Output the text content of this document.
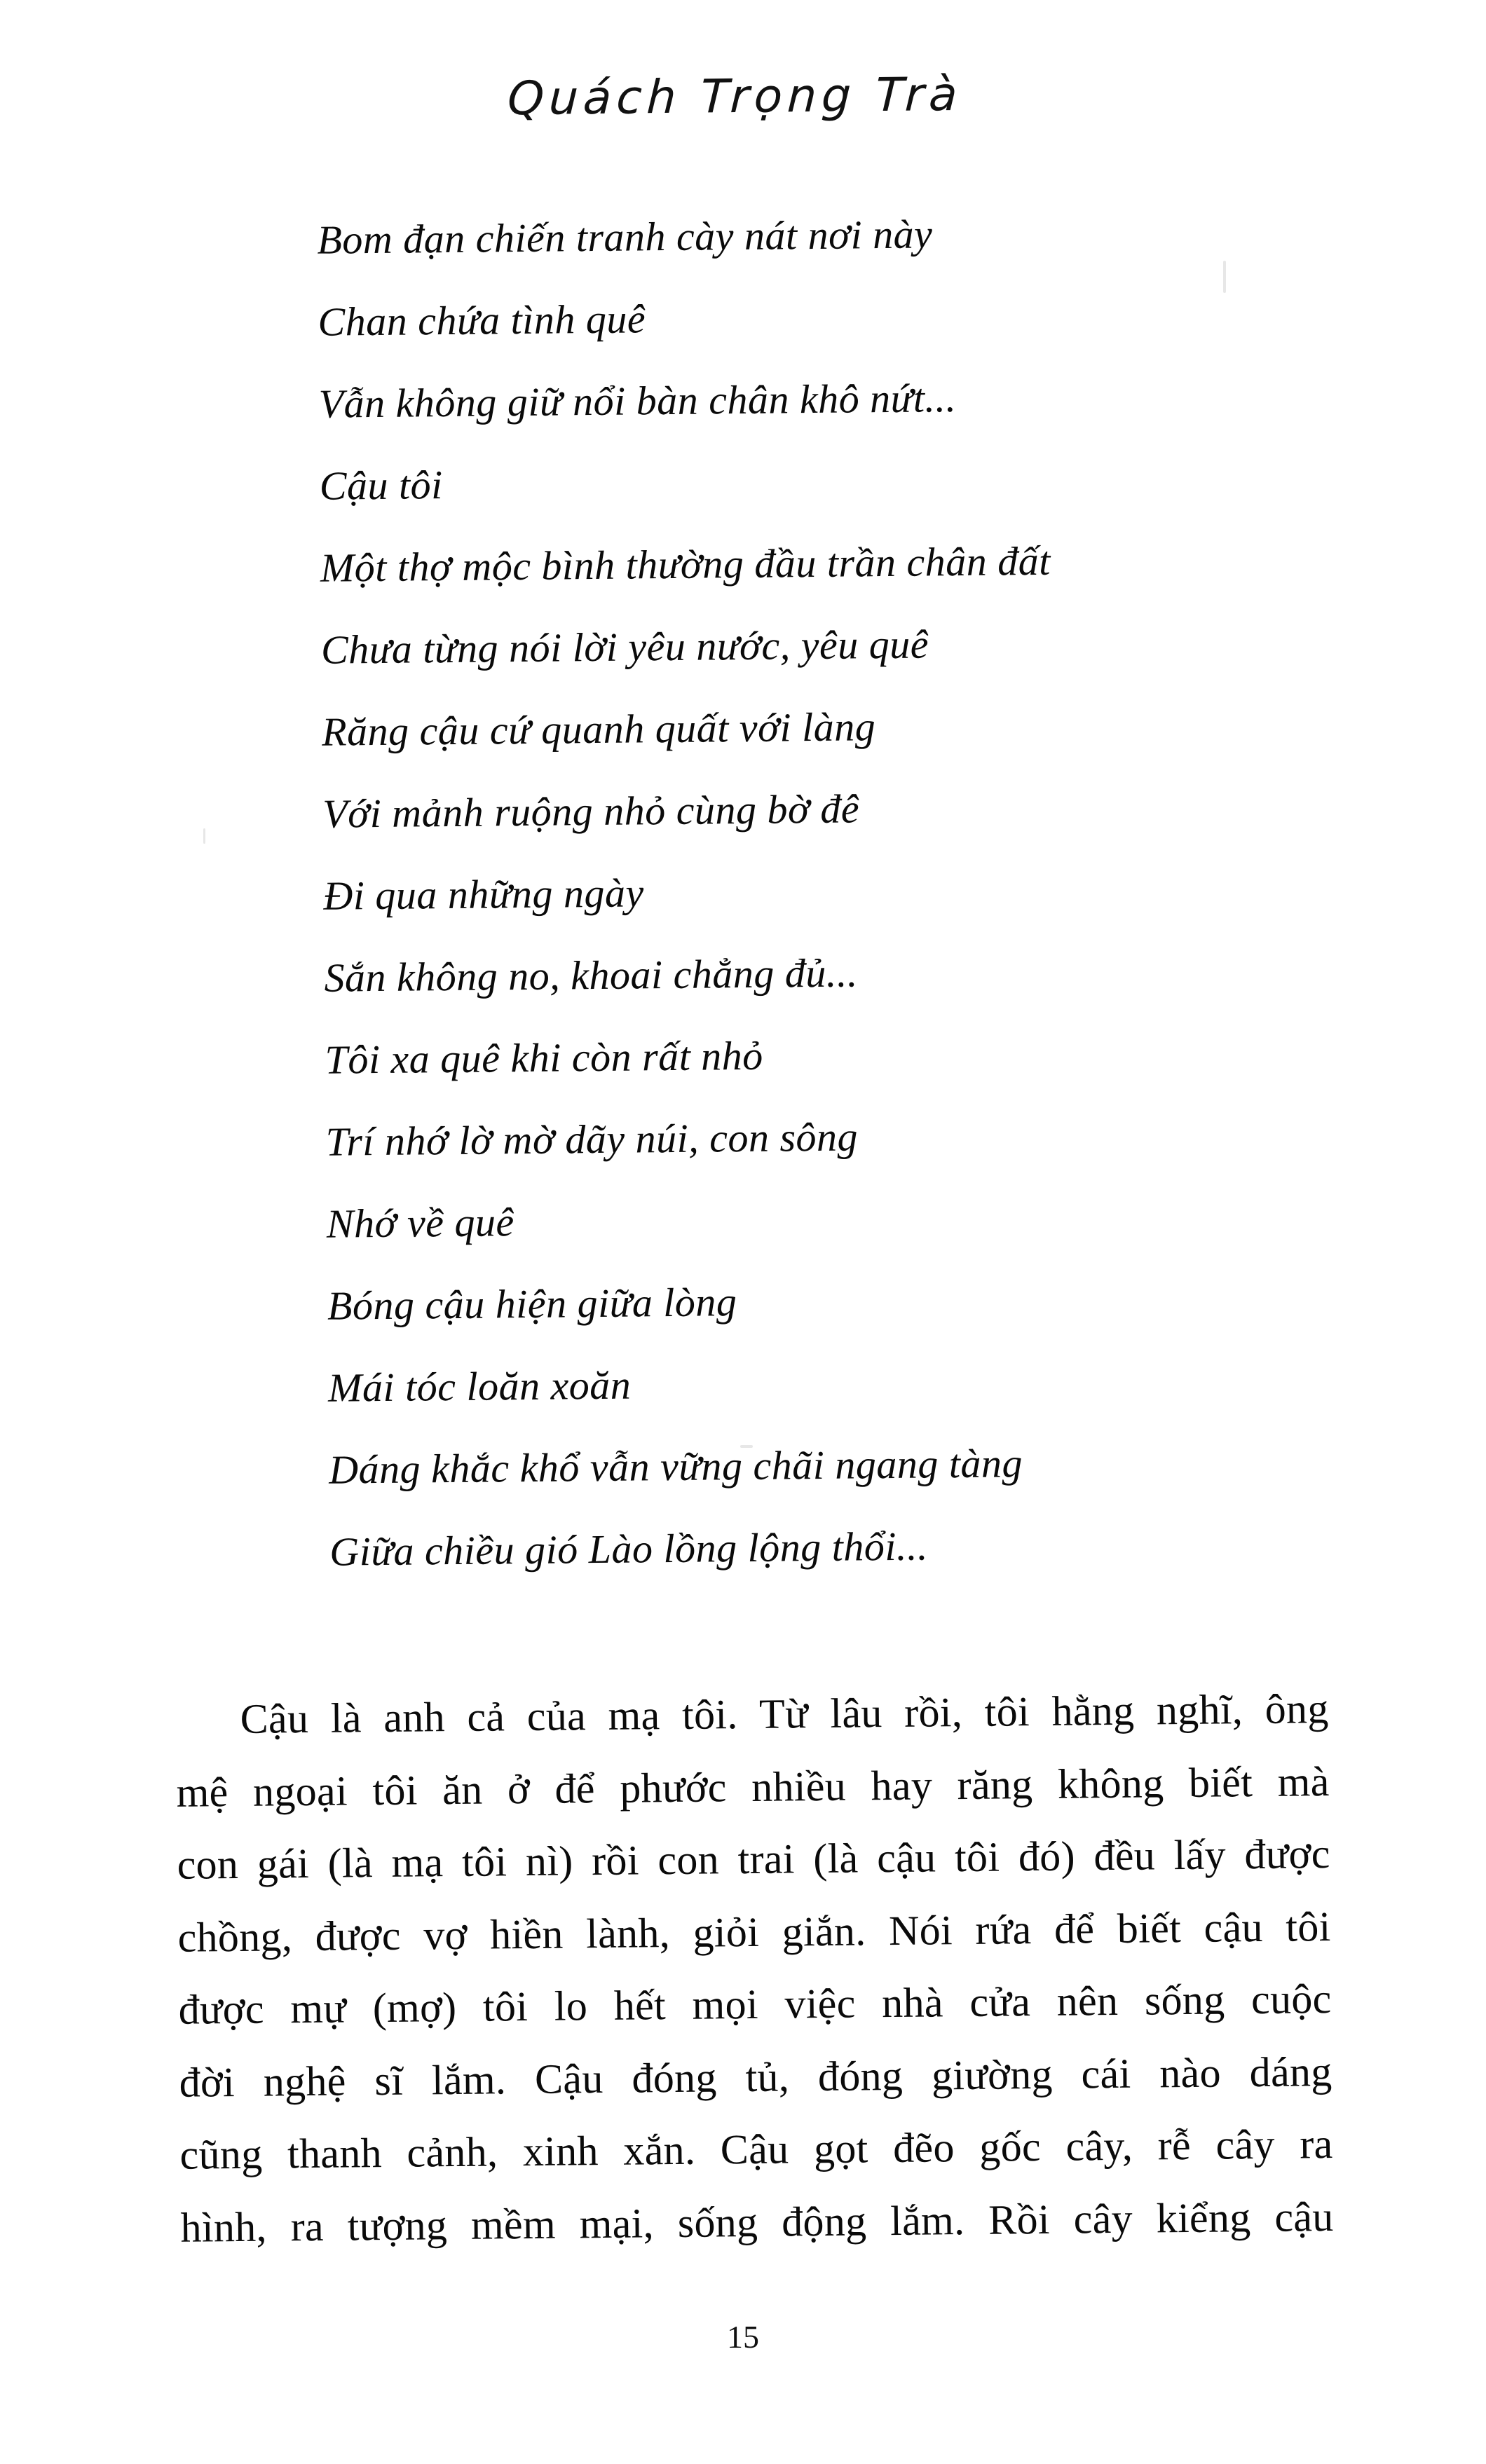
Quách Trọng Trà
Bom đạn chiến tranh cày nát nơi này
Chan chứa tình quê
Vẫn không giữ nổi bàn chân khô nứt...
Cậu tôi
Một thợ mộc bình thường đầu trần chân đất
Chưa từng nói lời yêu nước, yêu quê
Răng cậu cứ quanh quất với làng
Với mảnh ruộng nhỏ cùng bờ đê
Đi qua những ngày
Sắn không no, khoai chẳng đủ...
Tôi xa quê khi còn rất nhỏ
Trí nhớ lờ mờ dãy núi, con sông
Nhớ về quê
Bóng cậu hiện giữa lòng
Mái tóc loăn xoăn
Dáng khắc khổ vẫn vững chãi ngang tàng
Giữa chiều gió Lào lồng lộng thổi...
Cậu là anh cả của mạ tôi. Từ lâu rồi, tôi hằng nghĩ, ông
mệ ngoại tôi ăn ở để phước nhiều hay răng không biết mà
con gái (là mạ tôi nì) rồi con trai (là cậu tôi đó) đều lấy được
chồng, được vợ hiền lành, giỏi giắn. Nói rứa để biết cậu tôi
được mự (mợ) tôi lo hết mọi việc nhà cửa nên sống cuộc
đời nghệ sĩ lắm. Cậu đóng tủ, đóng giường cái nào dáng
cũng thanh cảnh, xinh xắn. Cậu gọt đẽo gốc cây, rễ cây ra
hình, ra tượng mềm mại, sống động lắm. Rồi cây kiểng cậu
15
